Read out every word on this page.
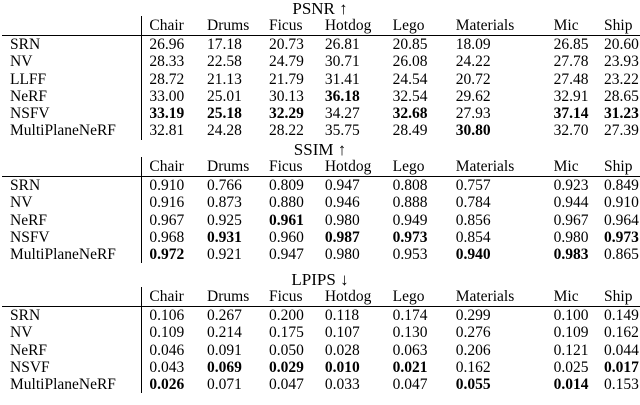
PSNR ↑
	Chair	Drums	Ficus	Hotdog	Lego	Materials	Mic	Ship
SRN	26.96	17.18	20.73	26.81	20.85	18.09	26.85	20.60
NV	28.33	22.58	24.79	30.71	26.08	24.22	27.78	23.93
LLFF	28.72	21.13	21.79	31.41	24.54	20.72	27.48	23.22
NeRF	33.00	25.01	30.13	36.18	32.54	29.62	32.91	28.65
NSFV	33.19	25.18	32.29	34.27	32.68	27.93	37.14	31.23
MultiPlaneNeRF	32.81	24.28	28.22	35.75	28.49	30.80	32.70	27.39
SSIM ↑
	Chair	Drums	Ficus	Hotdog	Lego	Materials	Mic	Ship
SRN	0.910	0.766	0.809	0.947	0.808	0.757	0.923	0.849
NV	0.916	0.873	0.880	0.946	0.888	0.784	0.944	0.910
NeRF	0.967	0.925	0.961	0.980	0.949	0.856	0.967	0.964
NSFV	0.968	0.931	0.960	0.987	0.973	0.854	0.980	0.973
MultiPlaneNeRF	0.972	0.921	0.947	0.980	0.953	0.940	0.983	0.865
LPIPS ↓
	Chair	Drums	Ficus	Hotdog	Lego	Materials	Mic	Ship
SRN	0.106	0.267	0.200	0.118	0.174	0.299	0.100	0.149
NV	0.109	0.214	0.175	0.107	0.130	0.276	0.109	0.162
NeRF	0.046	0.091	0.050	0.028	0.063	0.206	0.121	0.044
NSVF	0.043	0.069	0.029	0.010	0.021	0.162	0.025	0.017
MultiPlaneNeRF	0.026	0.071	0.047	0.033	0.047	0.055	0.014	0.153
